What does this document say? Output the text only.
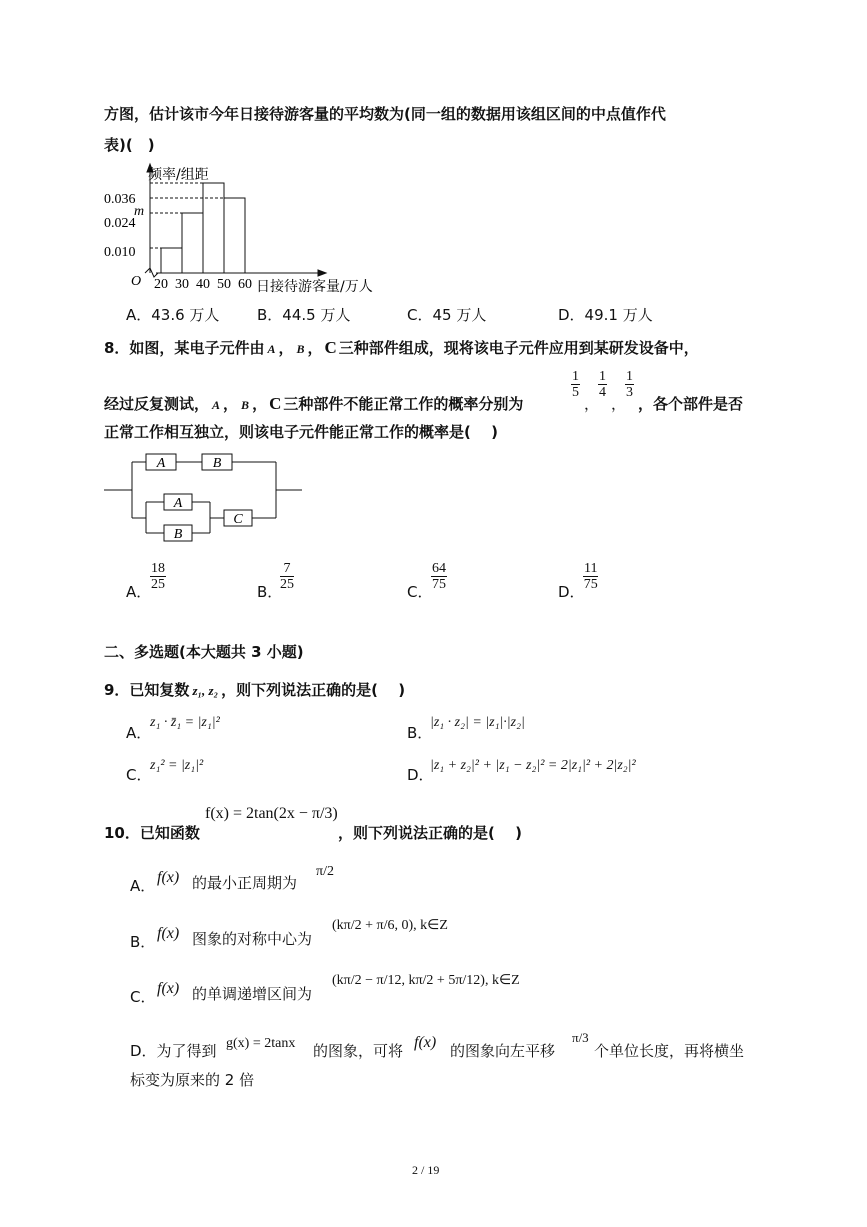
方图，估计该市今年日接待游客量的平均数为(同一组的数据用该组区间的中点值作代
表)(　)
频率/组距
0.036
m
0.024
0.010
O 20 30 40 50 60 日接待游客量/万人
A．43.6 万人	B．44.5 万人	C．45 万人	D．49.1 万人
8．如图，某电子元件由 A ， B ， C 三种部件组成，现将该电子元件应用到某研发设备中，
经过反复测试， A ， B ， C 三种部件不能正常工作的概率分别为
$\frac{1}{5}$
，
$\frac{1}{4}$
，
$\frac{1}{3}$
，各个部件是否
正常工作相互独立，则该电子元件能正常工作的概率是(　 )
A	B
A
B
C
A．
$\frac{18}{25}$	B．
$\frac{7}{25}$	C．
$\frac{64}{75}$	D．
$\frac{11}{75}$
二、多选题(本大题共 3 小题)
9．已知复数 z₁, z₂ ，则下列说法正确的是(　 )
A．
z₁ · z̄₁ = |z₁|²
B．
|z₁ · z₂| = |z₁|·|z₂|
C．
z₁² = |z₁|²
D．
|z₁ + z₂|² + |z₁ − z₂|² = 2|z₁|² + 2|z₂|²
10．已知函数
f(x) = 2tan(2x − π/3)
，则下列说法正确的是(　 )
A． f(x) 的最小正周期为
π/2
B． f(x) 图象的对称中心为
(kπ/2 + π/6, 0), k∈Z
C． f(x) 的单调递增区间为
(kπ/2 − π/12, kπ/2 + 5π/12), k∈Z
D．为了得到 g(x) = 2tanx 的图象，可将 f(x) 的图象向左平移
π/3
个单位长度，再将横坐
标变为原来的 2 倍
2 / 19
